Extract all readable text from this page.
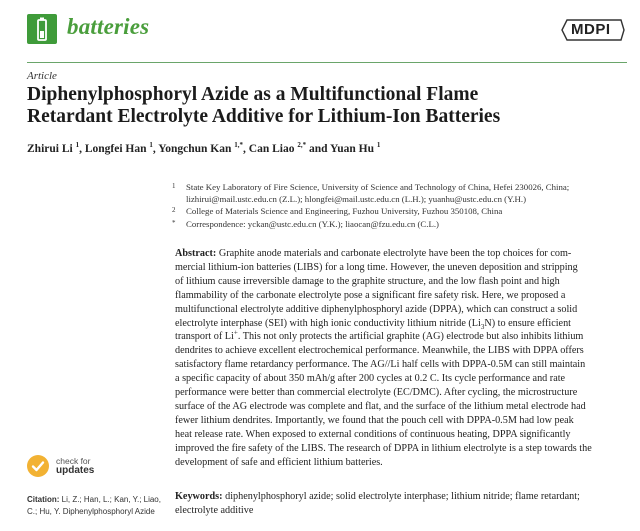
batteries	MDPI
Article
Diphenylphosphoryl Azide as a Multifunctional Flame
Retardant Electrolyte Additive for Lithium-Ion Batteries
Zhirui Li $^1$, Longfei Han $^1$, Yongchun Kan $^{1,*}$, Can Liao $^{2,*}$ and Yuan Hu $^1$
1 State Key Laboratory of Fire Science, University of Science and Technology of China, Hefei 230026, China;
lizhirui@mail.ustc.edu.cn (Z.L.); hlongfei@mail.ustc.edu.cn (L.H.); yuanhu@ustc.edu.cn (Y.H.)
2 College of Materials Science and Engineering, Fuzhou University, Fuzhou 350108, China
* Correspondence: yckan@ustc.edu.cn (Y.K.); liaocan@fzu.edu.cn (C.L.)
Abstract: Graphite anode materials and carbonate electrolyte have been the top choices for com-
mercial lithium-ion batteries (LIBS) for a long time. However, the uneven deposition and stripping
of lithium cause irreversible damage to the graphite structure, and the low flash point and high
flammability of the carbonate electrolyte pose a significant fire safety risk. Here, we proposed a
multifunctional electrolyte additive diphenylphosphoryl azide (DPPA), which can construct a solid
electrolyte interphase (SEI) with high ionic conductivity lithium nitride $(Li_3N)$ to ensure efficient
transport of Li+. This not only protects the artificial graphite (AG) electrode but also inhibits lithium
dendrites to achieve excellent electrochemical performance. Meanwhile, the LIBS with DPPA offers
satisfactory flame retardancy performance. The AG//Li half cells with DPPA-0.5M can still maintain
a specific capacity of about 350 mAh/g after 200 cycles at 0.2 C. Its cycle performance and rate
performance were better than commercial electrolyte (EC/DMC). After cycling, the microstructure
surface of the AG electrode was complete and flat, and the surface of the lithium metal electrode had
fewer lithium dendrites. Importantly, we found that the pouch cell with DPPA-0.5M had low peak
heat release rate. When exposed to external conditions of continuous heating, DPPA significantly
improved the fire safety of the LIBS. The research of DPPA in lithium electrolyte is a step towards the
development of safe and efficient lithium batteries.
Keywords: diphenylphosphoryl azide; solid electrolyte interphase; lithium nitride; flame retardant;
electrolyte additive
check for
updates
Citation: Li, Z.; Han, L.; Kan, Y.; Liao,
C.; Hu, Y. Diphenylphosphoryl Azide
